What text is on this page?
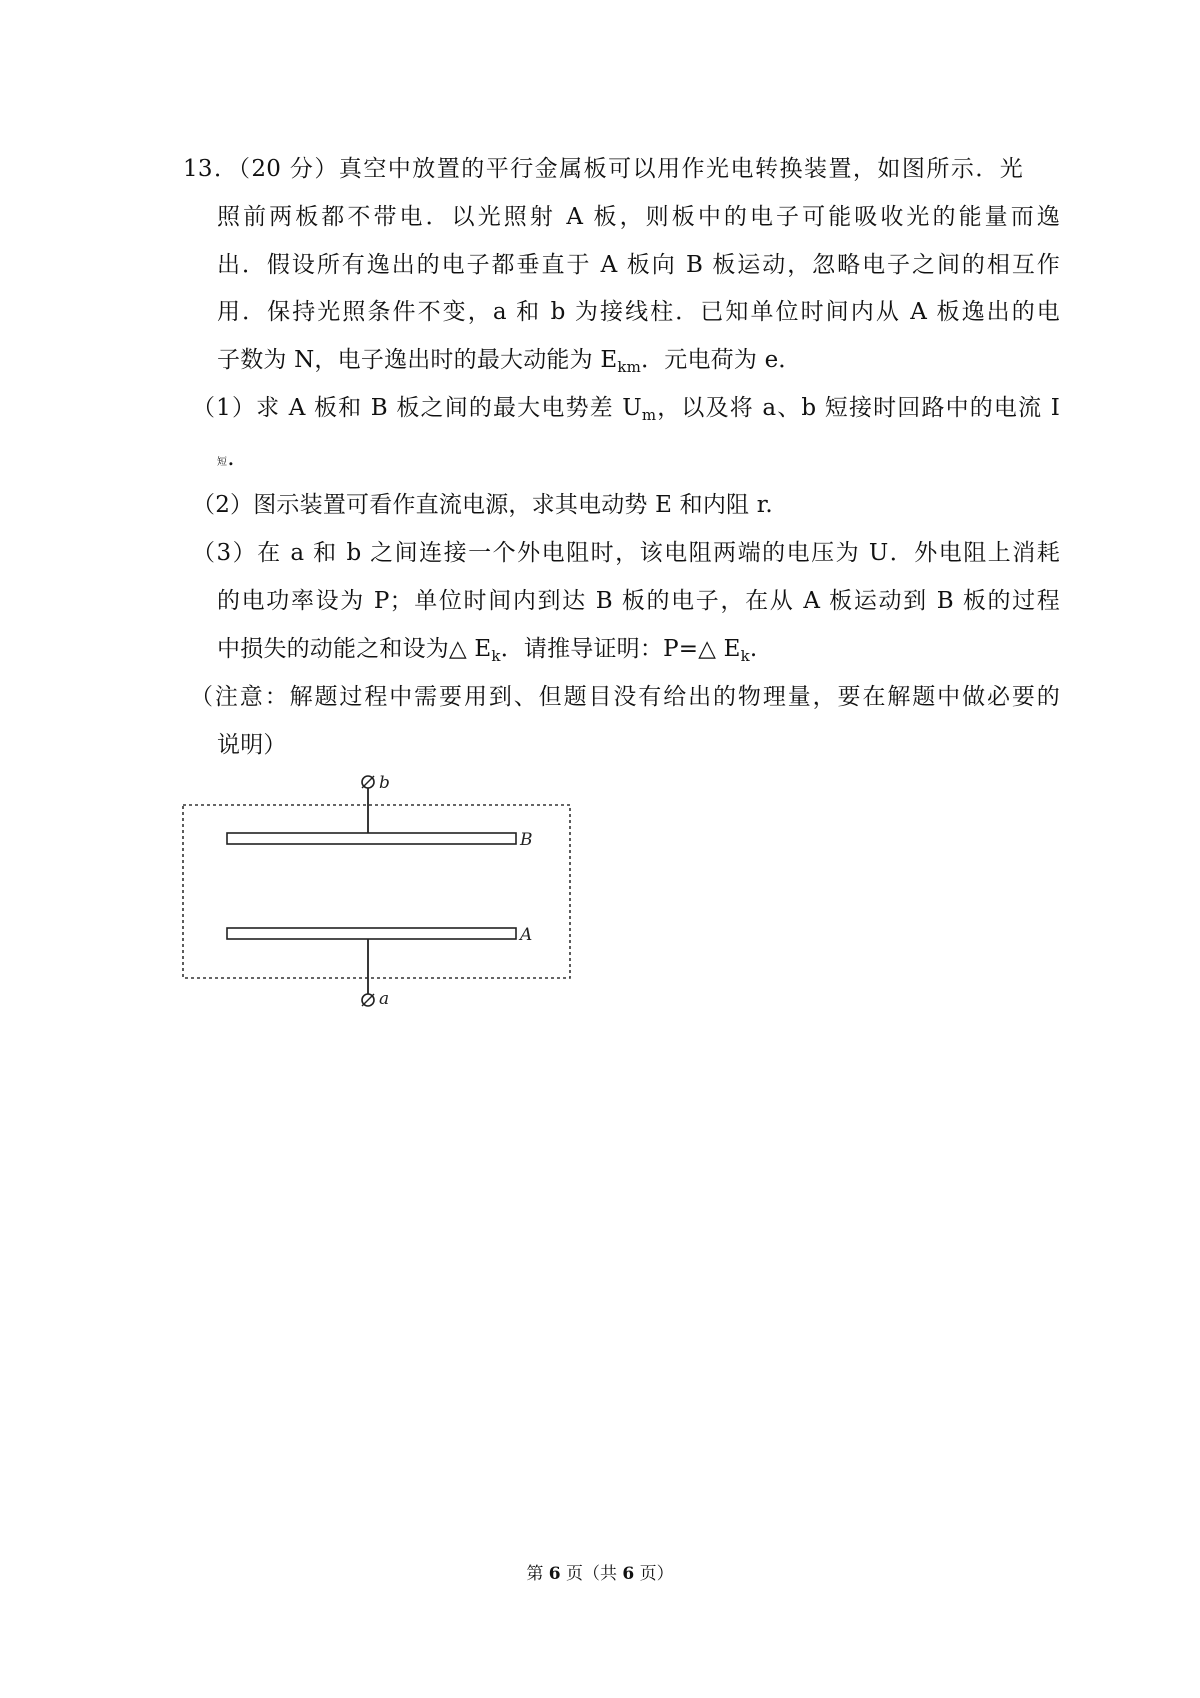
13．（20 分）真空中放置的平行金属板可以用作光电转换装置，如图所示．光
照前两板都不带电．以光照射 A 板，则板中的电子可能吸收光的能量而逸
出．假设所有逸出的电子都垂直于 A 板向 B 板运动，忽略电子之间的相互作
用．保持光照条件不变，a 和 b 为接线柱．已知单位时间内从 A 板逸出的电
子数为 N，电子逸出时的最大动能为 $E_{km}$．元电荷为 e．
（1）求 A 板和 B 板之间的最大电势差 $U_m$，以及将 a、b 短接时回路中的电流 I
短.
（2）图示装置可看作直流电源，求其电动势 E 和内阻 r.
（3）在 a 和 b 之间连接一个外电阻时，该电阻两端的电压为 U．外电阻上消耗
的电功率设为 P；单位时间内到达 B 板的电子，在从 A 板运动到 B 板的过程
中损失的动能之和设为△ $E_k$．请推导证明：P=△ $E_k$.
（注意：解题过程中需要用到、但题目没有给出的物理量，要在解题中做必要的
说明）
b
B
A
a
第 6 页（共 6 页）
